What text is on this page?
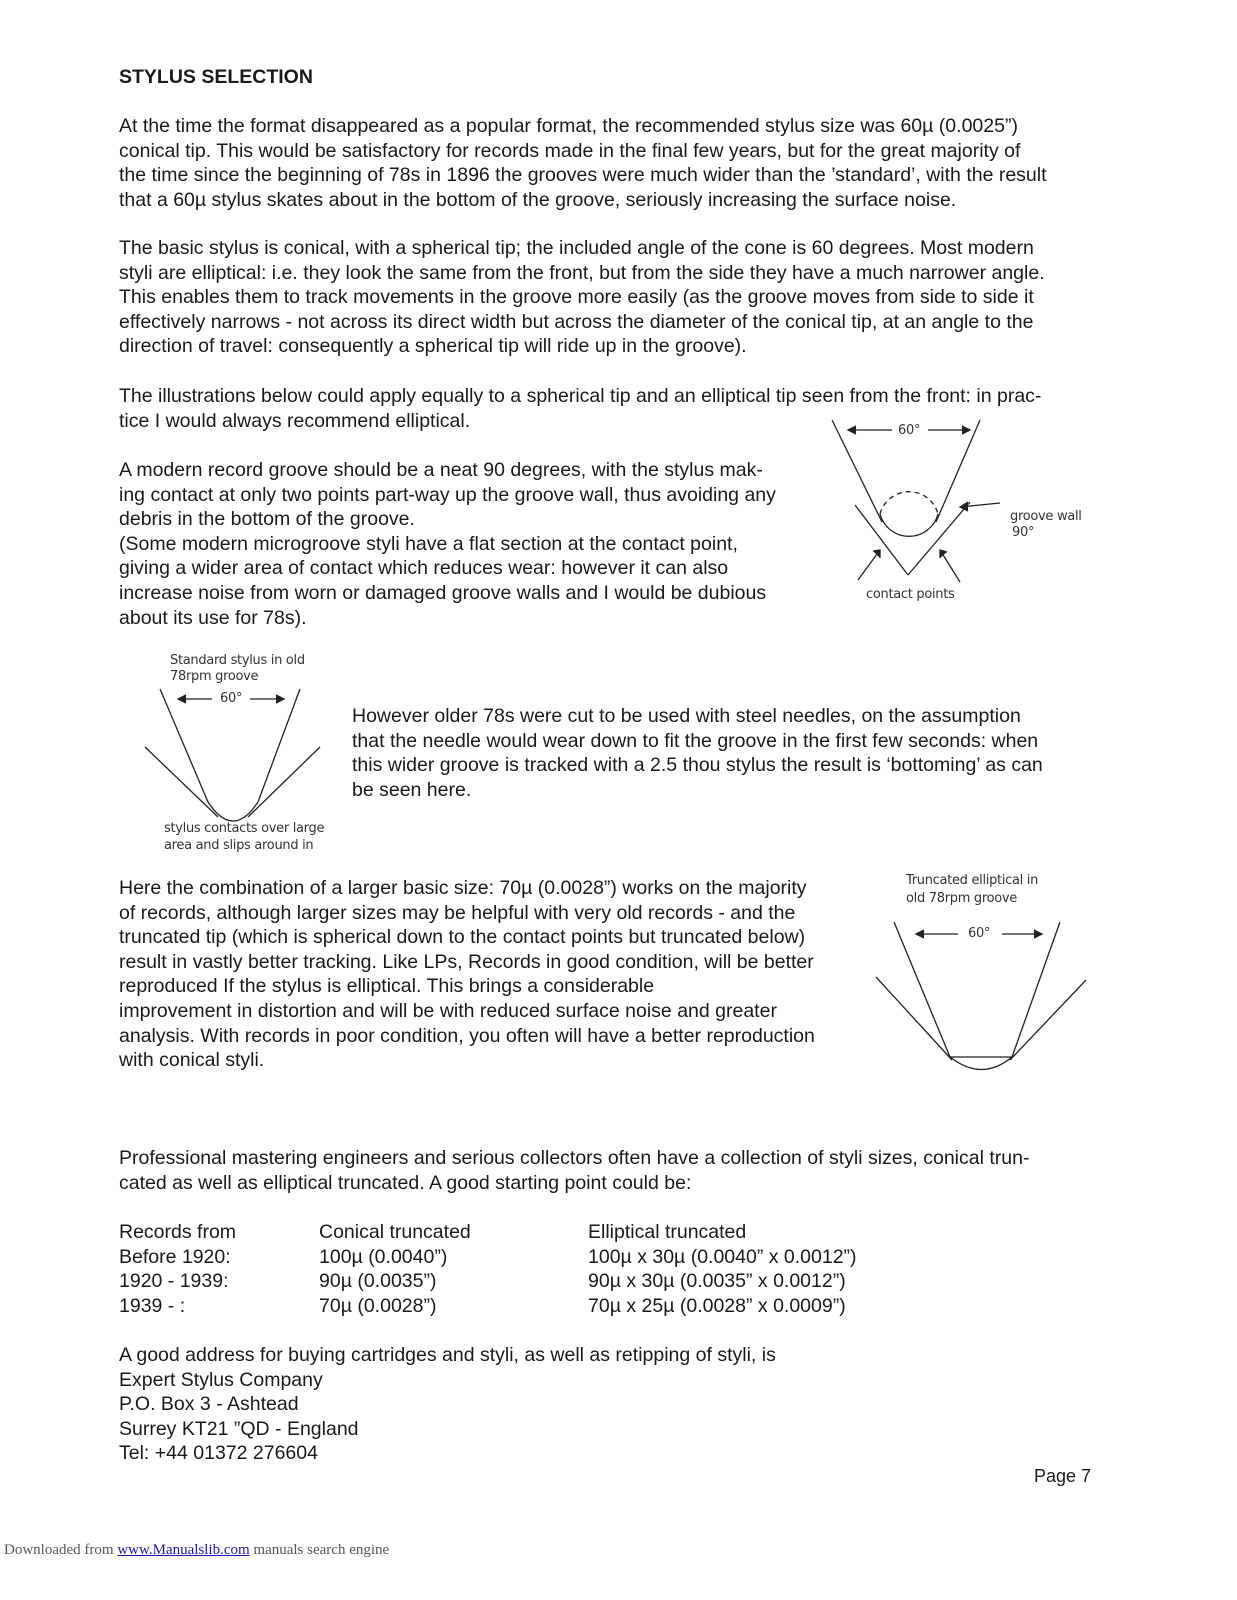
STYLUS SELECTION

At the time the format disappeared as a popular format, the recommended stylus size was 60µ (0.0025”)

conical tip. This would be satisfactory for records made in the final few years, but for the great majority of

the time since the beginning of 78s in 1896 the grooves were much wider than the ’standard’, with the result

that a 60µ stylus skates about in the bottom of the groove, seriously increasing the surface noise.

The basic stylus is conical, with a spherical tip; the included angle of the cone is 60 degrees. Most modern

styli are elliptical: i.e. they look the same from the front, but from the side they have a much narrower angle.

This enables them to track movements in the groove more easily (as the groove moves from side to side it

effectively narrows - not across its direct width but across the diameter of the conical tip, at an angle to the

direction of travel: consequently a spherical tip will ride up in the groove).

The illustrations below could apply equally to a spherical tip and an elliptical tip seen from the front: in prac-

tice I would always recommend elliptical.

A modern record groove should be a neat 90 degrees, with the stylus mak-

ing contact at only two points part-way up the groove wall, thus avoiding any

debris in the bottom of the groove.

(Some modern microgroove styli have a flat section at the contact point,

giving a wider area of contact which reduces wear: however it can also

increase noise from worn or damaged groove walls and I would be dubious

about its use for 78s).

60°
groove wall
90°
contact points
Standard stylus in old
78rpm groove
60°
stylus contacts over large
area and slips around in

However older 78s were cut to be used with steel needles, on the assumption

that the needle would wear down to fit the groove in the first few seconds: when

this wider groove is tracked with a 2.5 thou stylus the result is ‘bottoming’ as can

be seen here.

Here the combination of a larger basic size: 70µ (0.0028”) works on the majority

of records, although larger sizes may be helpful with very old records - and the

truncated tip (which is spherical down to the contact points but truncated below)

result in vastly better tracking. Like LPs, Records in good condition, will be better

reproduced If the stylus is elliptical. This brings a considerable

improvement in distortion and will be with reduced surface noise and greater

analysis. With records in poor condition, you often will have a better reproduction

with conical styli.

Truncated elliptical in
old 78rpm groove
60°

Professional mastering engineers and serious collectors often have a collection of styli sizes, conical trun-

cated as well as elliptical truncated. A good starting point could be:

Records from	Conical truncated	Elliptical truncated
Before 1920:	100µ (0.0040”)	100µ x 30µ (0.0040” x 0.0012”)
1920 - 1939:	90µ (0.0035”)	90µ x 30µ (0.0035” x 0.0012”)
1939 - :	70µ (0.0028”)	70µ x 25µ (0.0028” x 0.0009”)

A good address for buying cartridges and styli, as well as retipping of styli, is

Expert Stylus Company

P.O. Box 3 - Ashtead

Surrey KT21 ”QD - England

Tel: +44 01372 276604

Page 7
Downloaded from www.Manualslib.com manuals search engine
